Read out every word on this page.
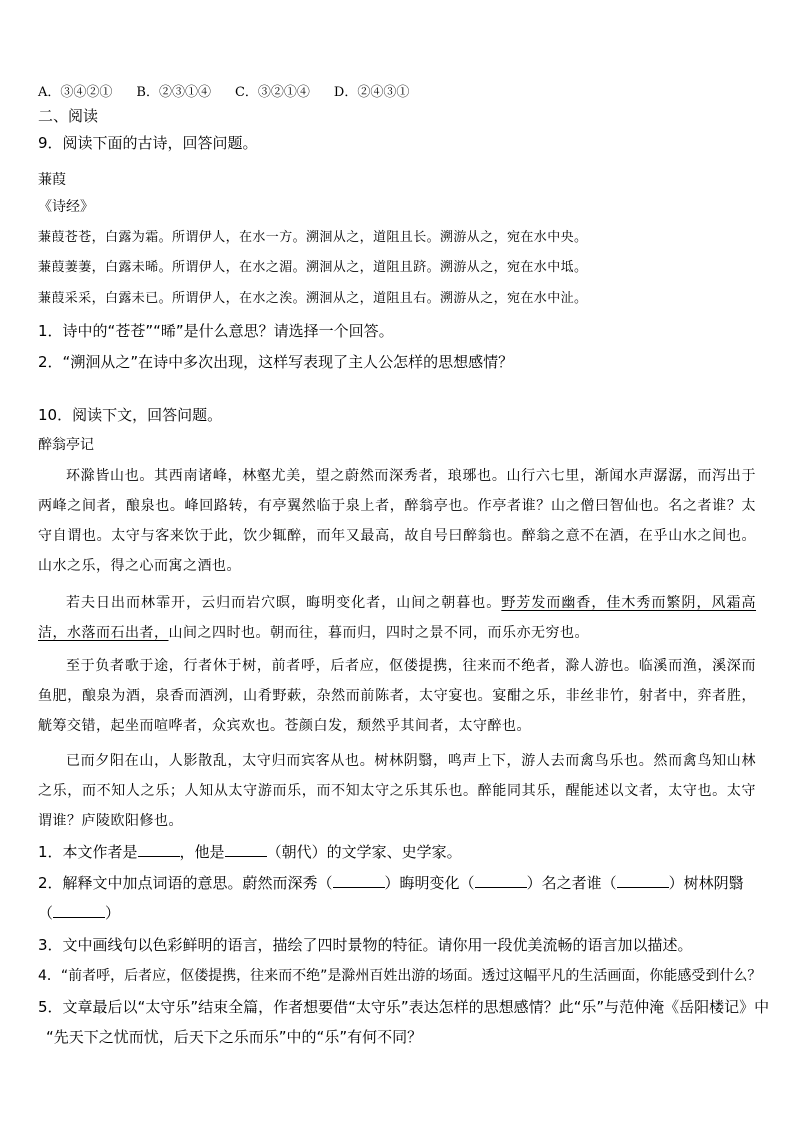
A．③④②① B．②③①④ C．③②①④ D．②④③①
二、阅读
9．阅读下面的古诗，回答问题。
蒹葭
《诗经》
蒹葭苍苍，白露为霜。所谓伊人，在水一方。溯洄从之，道阻且长。溯游从之，宛在水中央。
蒹葭萋萋，白露未晞。所谓伊人，在水之湄。溯洄从之，道阻且跻。溯游从之，宛在水中坻。
蒹葭采采，白露未已。所谓伊人，在水之涘。溯洄从之，道阻且右。溯游从之，宛在水中沚。
1．诗中的“苍苍”“晞”是什么意思？请选择一个回答。
2．“溯洄从之”在诗中多次出现，这样写表现了主人公怎样的思想感情？
10．阅读下文，回答问题。
醉翁亭记
环滁皆山也。其西南诸峰，林壑尤美，望之蔚然而深秀者，琅琊也。山行六七里，渐闻水声潺潺，而泻出于两峰之间者，酿泉也。峰回路转，有亭翼然临于泉上者，醉翁亭也。作亭者谁？山之僧曰智仙也。名之者谁？太守自谓也。太守与客来饮于此，饮少辄醉，而年又最高，故自号曰醉翁也。醉翁之意不在酒，在乎山水之间也。山水之乐，得之心而寓之酒也。
若夫日出而林霏开，云归而岩穴暝，晦明变化者，山间之朝暮也。野芳发而幽香，佳木秀而繁阴，风霜高洁，水落而石出者，山间之四时也。朝而往，暮而归，四时之景不同，而乐亦无穷也。
至于负者歌于途，行者休于树，前者呼，后者应，伛偻提携，往来而不绝者，滁人游也。临溪而渔，溪深而鱼肥，酿泉为酒，泉香而酒洌，山肴野蔌，杂然而前陈者，太守宴也。宴酣之乐，非丝非竹，射者中，弈者胜，觥筹交错，起坐而喧哗者，众宾欢也。苍颜白发，颓然乎其间者，太守醉也。
已而夕阳在山，人影散乱，太守归而宾客从也。树林阴翳，鸣声上下，游人去而禽鸟乐也。然而禽鸟知山林之乐，而不知人之乐；人知从太守游而乐，而不知太守之乐其乐也。醉能同其乐，醒能述以文者，太守也。太守谓谁？庐陵欧阳修也。
1．本文作者是	，他是	（朝代）的文学家、史学家。
2．解释文中加点词语的意思。蔚然而深秀（	）晦明变化（	）名之者谁（	）树林阴翳
（	）
3．文中画线句以色彩鲜明的语言，描绘了四时景物的特征。请你用一段优美流畅的语言加以描述。
4．“前者呼，后者应，伛偻提携，往来而不绝”是滁州百姓出游的场面。透过这幅平凡的生活画面，你能感受到什么？
5．文章最后以“太守乐”结束全篇，作者想要借“太守乐”表达怎样的思想感情？此“乐”与范仲淹《岳阳楼记》中
“先天下之忧而忧，后天下之乐而乐”中的“乐”有何不同？
